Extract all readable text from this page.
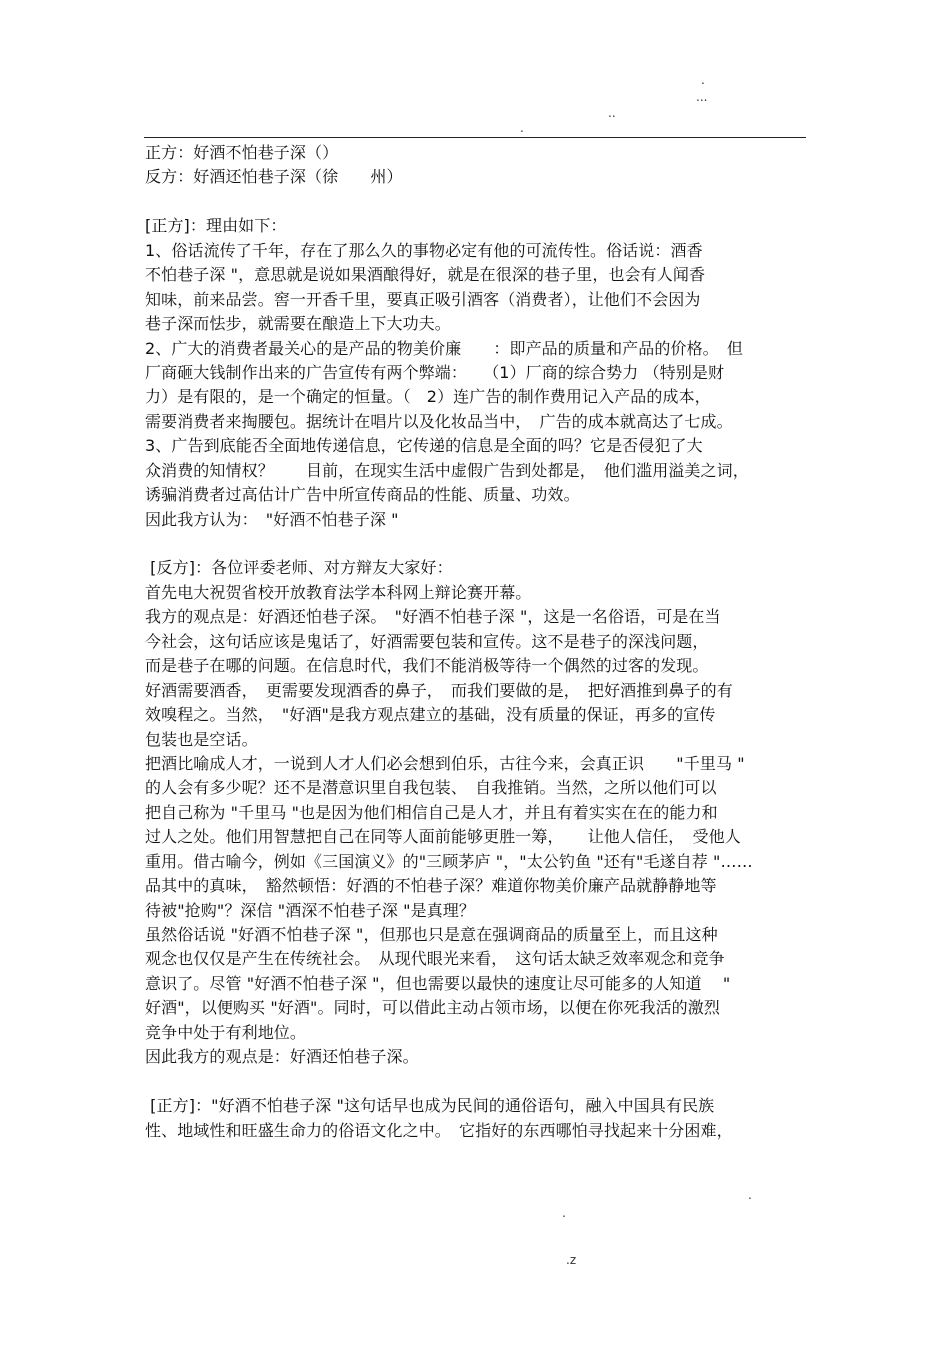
.
...
..
.
正方：好酒不怕巷子深（）
反方：好酒还怕巷子深（徐　　州）
[正方]：理由如下：
1、俗话流传了千年，存在了那么久的事物必定有他的可流传性。俗话说：酒香
不怕巷子深 "，意思就是说如果酒酿得好，就是在很深的巷子里，也会有人闻香
知味，前来品尝。窖一开香千里，要真正吸引酒客（消费者），让他们不会因为
巷子深而怯步，就需要在酿造上下大功夫。
2、广大的消费者最关心的是产品的物美价廉　　：即产品的质量和产品的价格。　但
厂商砸大钱制作出来的广告宣传有两个弊端：　　（1）厂商的综合势力 （特别是财
力）是有限的，是一个确定的恒量。（　2）连广告的制作费用记入产品的成本，
需要消费者来掏腰包。据统计在唱片以及化妆品当中，　广告的成本就高达了七成。
3、广告到底能否全面地传递信息，它传递的信息是全面的吗？它是否侵犯了大
众消费的知情权？　　目前，在现实生活中虚假广告到处都是，　他们滥用溢美之词，
诱骗消费者过高估计广告中所宣传商品的性能、质量、功效。
因此我方认为：　"好酒不怕巷子深 "
[反方]：各位评委老师、对方辩友大家好：
首先电大祝贺省校开放教育法学本科网上辩论赛开幕。
我方的观点是：好酒还怕巷子深。　"好酒不怕巷子深 "，这是一名俗语，可是在当
今社会，这句话应该是鬼话了，好酒需要包装和宣传。这不是巷子的深浅问题，
而是巷子在哪的问题。在信息时代，我们不能消极等待一个偶然的过客的发现。
好酒需要酒香，　更需要发现酒香的鼻子，　而我们要做的是，　把好酒推到鼻子的有
效嗅程之。当然，　"好酒"是我方观点建立的基础，没有质量的保证，再多的宣传
包装也是空话。
把酒比喻成人才，一说到人才人们必会想到伯乐，古往今来，会真正识　　"千里马 "
的人会有多少呢？还不是潜意识里自我包装、　自我推销。当然，之所以他们可以
把自己称为 "千里马 "也是因为他们相信自己是人才，并且有着实实在在的能力和
过人之处。他们用智慧把自己在同等人面前能够更胜一筹，　　让他人信任，　受他人
重用。借古喻今，例如《三国演义》的"三顾茅庐 "，"太公钓鱼 "还有"毛遂自荐 "……
品其中的真味，　豁然顿悟：好酒的不怕巷子深？难道你物美价廉产品就静静地等
待被"抢购"？深信 "酒深不怕巷子深 "是真理？
虽然俗话说 "好酒不怕巷子深 "，但那也只是意在强调商品的质量至上，而且这种
观念也仅仅是产生在传统社会。　从现代眼光来看，　这句话太缺乏效率观念和竞争
意识了。尽管 "好酒不怕巷子深 "，但也需要以最快的速度让尽可能多的人知道　 "
好酒"，以便购买 "好酒"。同时，可以借此主动占领市场，以便在你死我活的激烈
竞争中处于有利地位。
因此我方的观点是：好酒还怕巷子深。
[正方]："好酒不怕巷子深 "这句话早也成为民间的通俗语句，融入中国具有民族
性、地域性和旺盛生命力的俗语文化之中。　它指好的东西哪怕寻找起来十分困难，
.
.
.z
